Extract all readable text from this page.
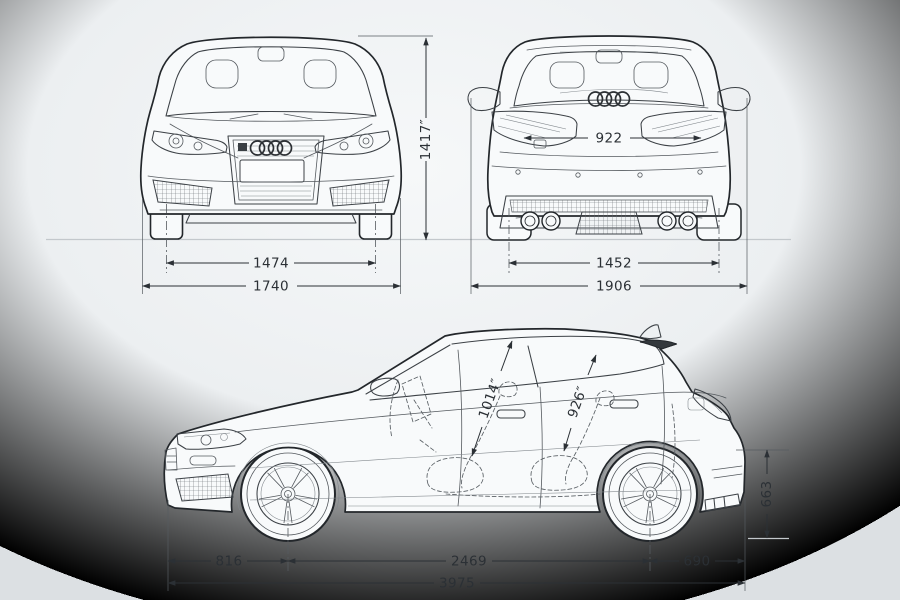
1474
1740
1417″	922
1452
1906
1014″	926″
663
816	2469	690
3975
